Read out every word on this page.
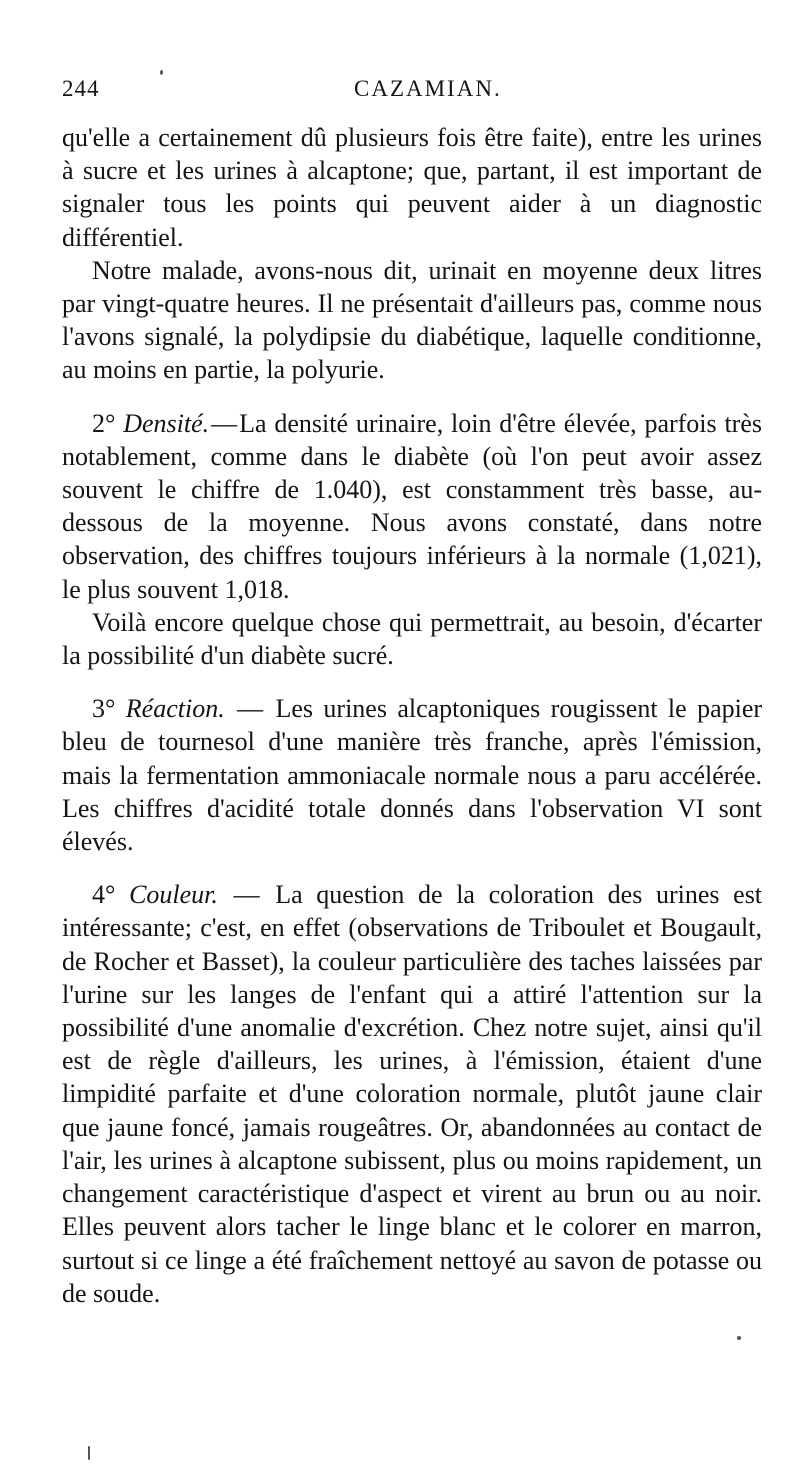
244	CAZAMIAN.

qu'elle a certainement dû plusieurs fois être faite), entre les urines à sucre et les urines à alcaptone; que, partant, il est important de signaler tous les points qui peuvent aider à un diagnostic différentiel.

Notre malade, avons-nous dit, urinait en moyenne deux litres par vingt-quatre heures. Il ne présentait d'ailleurs pas, comme nous l'avons signalé, la polydipsie du diabétique, laquelle conditionne, au moins en partie, la polyurie.

2° Densité.—La densité urinaire, loin d'être élevée, parfois très notablement, comme dans le diabète (où l'on peut avoir assez souvent le chiffre de 1.040), est constamment très basse, au-dessous de la moyenne. Nous avons constaté, dans notre observation, des chiffres toujours inférieurs à la normale (1,021), le plus souvent 1,018.

Voilà encore quelque chose qui permettrait, au besoin, d'écarter la possibilité d'un diabète sucré.

3° Réaction. — Les urines alcaptoniques rougissent le papier bleu de tournesol d'une manière très franche, après l'émission, mais la fermentation ammoniacale normale nous a paru accélérée. Les chiffres d'acidité totale donnés dans l'observation VI sont élevés.

4° Couleur. — La question de la coloration des urines est intéressante; c'est, en effet (observations de Triboulet et Bougault, de Rocher et Basset), la couleur particulière des taches laissées par l'urine sur les langes de l'enfant qui a attiré l'attention sur la possibilité d'une anomalie d'excrétion. Chez notre sujet, ainsi qu'il est de règle d'ailleurs, les urines, à l'émission, étaient d'une limpidité parfaite et d'une coloration normale, plutôt jaune clair que jaune foncé, jamais rougeâtres. Or, abandonnées au contact de l'air, les urines à alcaptone subissent, plus ou moins rapidement, un changement caractéristique d'aspect et virent au brun ou au noir. Elles peuvent alors tacher le linge blanc et le colorer en marron, surtout si ce linge a été fraîchement nettoyé au savon de potasse ou de soude.
